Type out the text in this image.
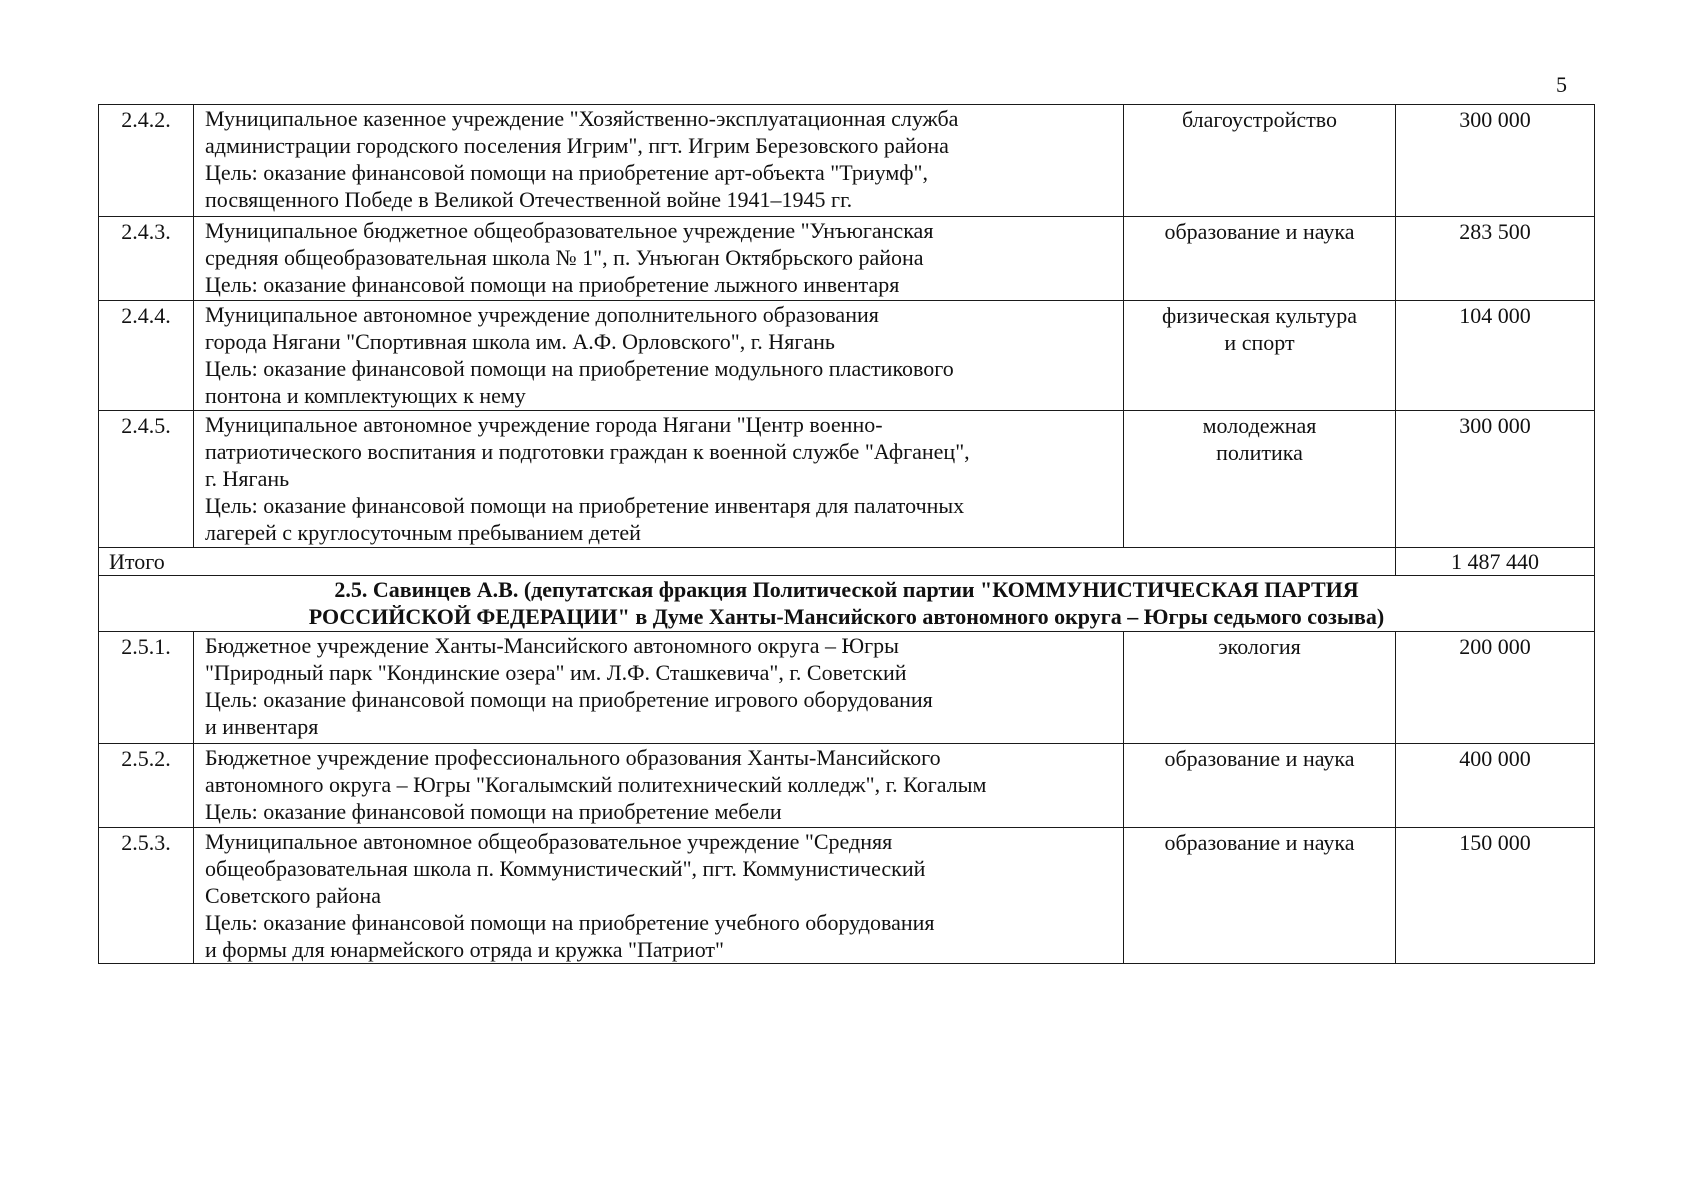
5
2.4.2.	Муниципальное казенное учреждение "Хозяйственно-эксплуатационная служба
администрации городского поселения Игрим", пгт. Игрим Березовского района
Цель: оказание финансовой помощи на приобретение арт-объекта "Триумф",
посвященного Победе в Великой Отечественной войне 1941–1945 гг.	благоустройство	300 000
2.4.3.	Муниципальное бюджетное общеобразовательное учреждение "Унъюганская
средняя общеобразовательная школа № 1", п. Унъюган Октябрьского района
Цель: оказание финансовой помощи на приобретение лыжного инвентаря	образование и наука	283 500
2.4.4.	Муниципальное автономное учреждение дополнительного образования
города Нягани "Спортивная школа им. А.Ф. Орловского", г. Нягань
Цель: оказание финансовой помощи на приобретение модульного пластикового
понтона и комплектующих к нему	физическая культура
и спорт	104 000
2.4.5.	Муниципальное автономное учреждение города Нягани "Центр военно-
патриотического воспитания и подготовки граждан к военной службе "Афганец",
г. Нягань
Цель: оказание финансовой помощи на приобретение инвентаря для палаточных
лагерей с круглосуточным пребыванием детей	молодежная
политика	300 000
Итого			1 487 440

2.5. Савинцев А.В. (депутатская фракция Политической партии "КОММУНИСТИЧЕСКАЯ ПАРТИЯ
РОССИЙСКОЙ ФЕДЕРАЦИИ" в Думе Ханты-Мансийского автономного округа – Югры седьмого созыва)			

2.5.1.	Бюджетное учреждение Ханты-Мансийского автономного округа – Югры
"Природный парк "Кондинские озера" им. Л.Ф. Сташкевича", г. Советский
Цель: оказание финансовой помощи на приобретение игрового оборудования
и инвентаря	экология	200 000
2.5.2.	Бюджетное учреждение профессионального образования Ханты-Мансийского
автономного округа – Югры "Когалымский политехнический колледж", г. Когалым
Цель: оказание финансовой помощи на приобретение мебели	образование и наука	400 000
2.5.3.	Муниципальное автономное общеобразовательное учреждение "Средняя
общеобразовательная школа п. Коммунистический", пгт. Коммунистический
Советского района
Цель: оказание финансовой помощи на приобретение учебного оборудования
и формы для юнармейского отряда и кружка "Патриот"	образование и наука	150 000
